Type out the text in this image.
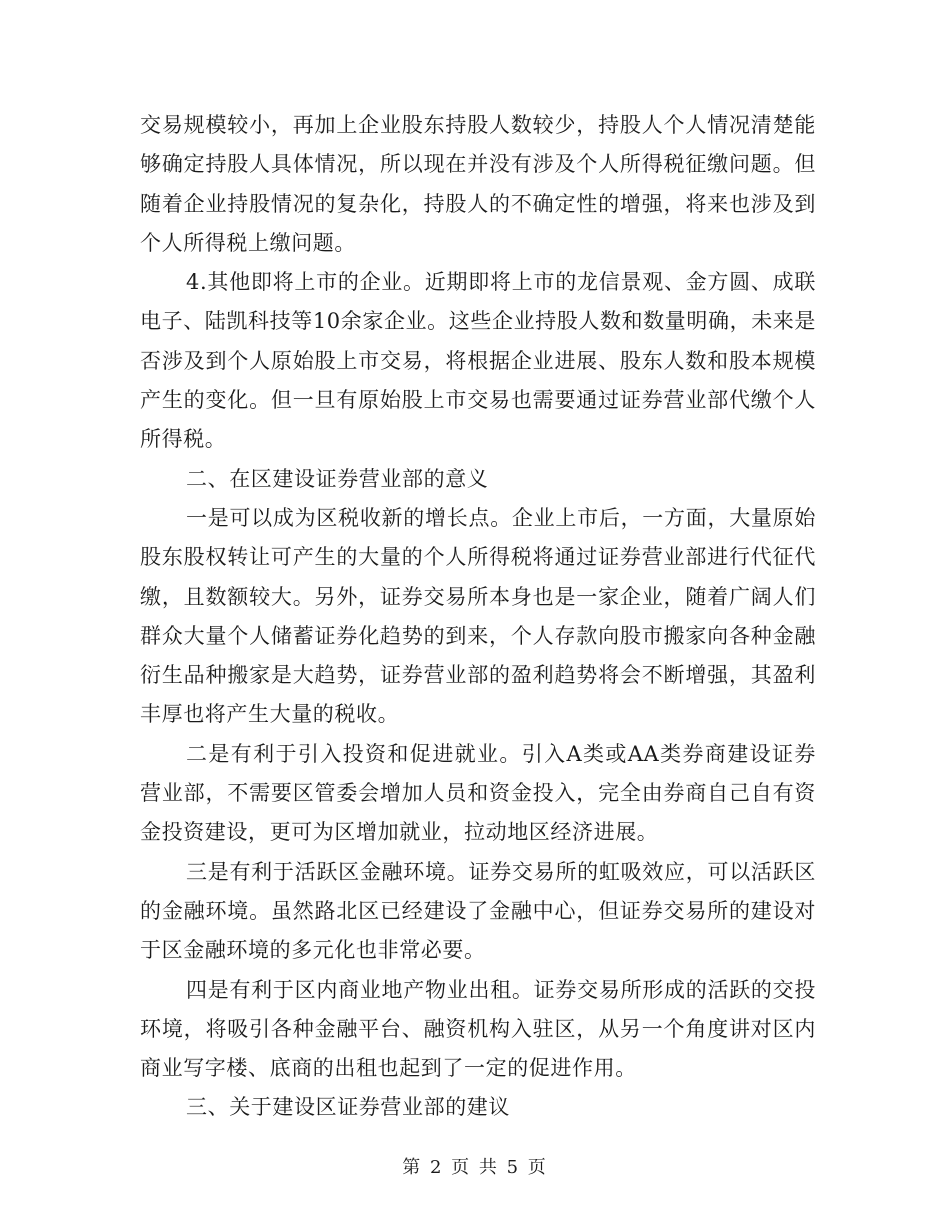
交易规模较小，再加上企业股东持股人数较少，持股人个人情况清楚能够确定持股人具体情况，所以现在并没有涉及个人所得税征缴问题。但随着企业持股情况的复杂化，持股人的不确定性的增强，将来也涉及到个人所得税上缴问题。

4.其他即将上市的企业。近期即将上市的龙信景观、金方圆、成联电子、陆凯科技等10余家企业。这些企业持股人数和数量明确，未来是否涉及到个人原始股上市交易，将根据企业进展、股东人数和股本规模产生的变化。但一旦有原始股上市交易也需要通过证券营业部代缴个人所得税。

二、在区建设证券营业部的意义

一是可以成为区税收新的增长点。企业上市后，一方面，大量原始股东股权转让可产生的大量的个人所得税将通过证券营业部进行代征代缴，且数额较大。另外，证券交易所本身也是一家企业，随着广阔人们群众大量个人储蓄证券化趋势的到来，个人存款向股市搬家向各种金融衍生品种搬家是大趋势，证券营业部的盈利趋势将会不断增强，其盈利丰厚也将产生大量的税收。

二是有利于引入投资和促进就业。引入A类或AA类券商建设证券营业部，不需要区管委会增加人员和资金投入，完全由券商自己自有资金投资建设，更可为区增加就业，拉动地区经济进展。

三是有利于活跃区金融环境。证券交易所的虹吸效应，可以活跃区的金融环境。虽然路北区已经建设了金融中心，但证券交易所的建设对于区金融环境的多元化也非常必要。

四是有利于区内商业地产物业出租。证券交易所形成的活跃的交投环境，将吸引各种金融平台、融资机构入驻区，从另一个角度讲对区内商业写字楼、底商的出租也起到了一定的促进作用。

三、关于建设区证券营业部的建议

第 2 页 共 5 页
